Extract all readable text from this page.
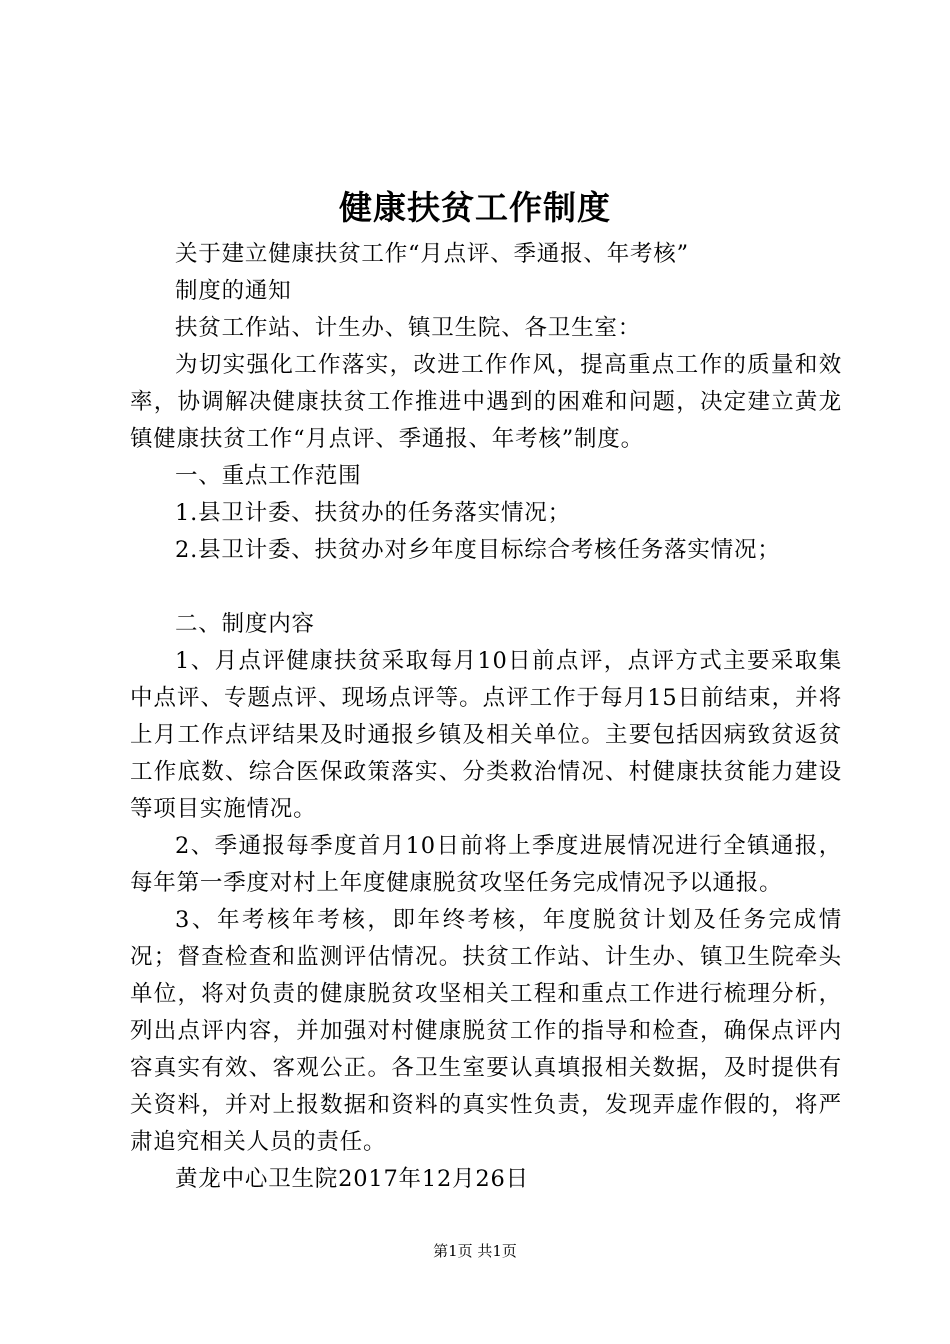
健康扶贫工作制度

关于建立健康扶贫工作“月点评、季通报、年考核”

制度的通知

扶贫工作站、计生办、镇卫生院、各卫生室：

为切实强化工作落实，改进工作作风，提高重点工作的质量和效率，协调解决健康扶贫工作推进中遇到的困难和问题，决定建立黄龙镇健康扶贫工作“月点评、季通报、年考核”制度。

一、重点工作范围

1.县卫计委、扶贫办的任务落实情况；

2.县卫计委、扶贫办对乡年度目标综合考核任务落实情况；

二、制度内容

1、月点评健康扶贫采取每月10日前点评，点评方式主要采取集中点评、专题点评、现场点评等。点评工作于每月15日前结束，并将上月工作点评结果及时通报乡镇及相关单位。主要包括因病致贫返贫工作底数、综合医保政策落实、分类救治情况、村健康扶贫能力建设等项目实施情况。

2、季通报每季度首月10日前将上季度进展情况进行全镇通报，每年第一季度对村上年度健康脱贫攻坚任务完成情况予以通报。

3、年考核年考核，即年终考核，年度脱贫计划及任务完成情况；督查检查和监测评估情况。扶贫工作站、计生办、镇卫生院牵头单位，将对负责的健康脱贫攻坚相关工程和重点工作进行梳理分析，列出点评内容，并加强对村健康脱贫工作的指导和检查，确保点评内容真实有效、客观公正。各卫生室要认真填报相关数据，及时提供有关资料，并对上报数据和资料的真实性负责，发现弄虚作假的，将严肃追究相关人员的责任。

黄龙中心卫生院2017年12月26日

第1页 共1页
